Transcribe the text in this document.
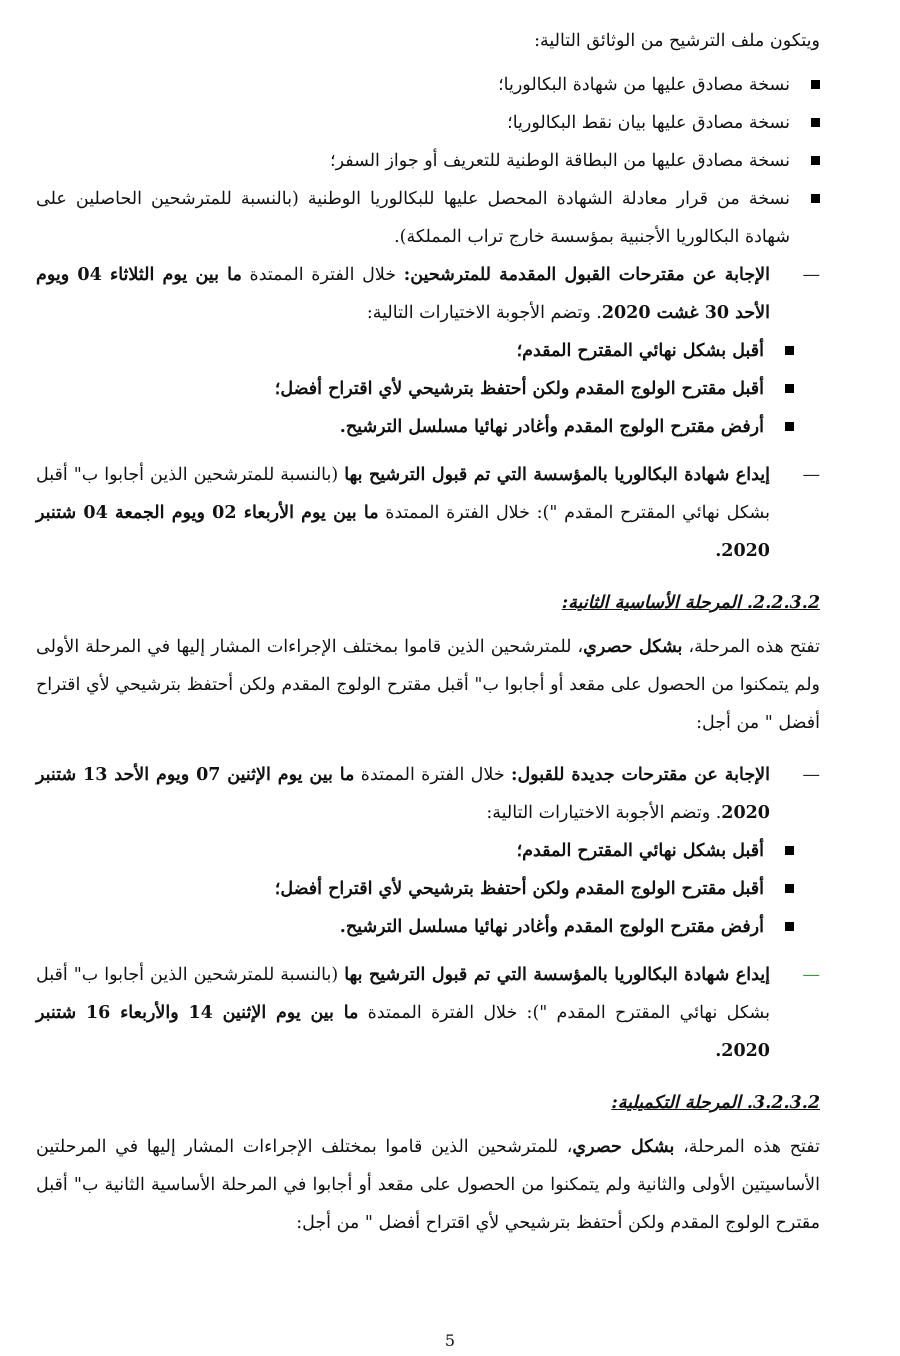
ويتكون ملف الترشيح من الوثائق التالية:

نسخة مصادق عليها من شهادة البكالوريا؛
نسخة مصادق عليها بيان نقط البكالوريا؛
نسخة مصادق عليها من البطاقة الوطنية للتعريف أو جواز السفر؛
نسخة من قرار معادلة الشهادة المحصل عليها للبكالوريا الوطنية (بالنسبة للمترشحين الحاصلين على شهادة البكالوريا الأجنبية بمؤسسة خارج تراب المملكة).

— الإجابة عن مقترحات القبول المقدمة للمترشحين: خلال الفترة الممتدة ما بين يوم الثلاثاء 04 ويوم الأحد 30 غشت 2020. وتضم الأجوبة الاختيارات التالية:

أقبل بشكل نهائي المقترح المقدم؛
أقبل مقترح الولوج المقدم ولكن أحتفظ بترشيحي لأي اقتراح أفضل؛
أرفض مقترح الولوج المقدم وأغادر نهائيا مسلسل الترشيح.

— إيداع شهادة البكالوريا بالمؤسسة التي تم قبول الترشيح بها (بالنسبة للمترشحين الذين أجابوا ب" أقبل بشكل نهائي المقترح المقدم "): خلال الفترة الممتدة ما بين يوم الأربعاء 02 ويوم الجمعة 04 شتنبر 2020.

2.2.3.2. المرحلة الأساسية الثانية:

تفتح هذه المرحلة، بشكل حصري، للمترشحين الذين قاموا بمختلف الإجراءات المشار إليها في المرحلة الأولى ولم يتمكنوا من الحصول على مقعد أو أجابوا ب" أقبل مقترح الولوج المقدم ولكن أحتفظ بترشيحي لأي اقتراح أفضل " من أجل:

— الإجابة عن مقترحات جديدة للقبول: خلال الفترة الممتدة ما بين يوم الإثنين 07 ويوم الأحد 13 شتنبر 2020. وتضم الأجوبة الاختيارات التالية:

أقبل بشكل نهائي المقترح المقدم؛
أقبل مقترح الولوج المقدم ولكن أحتفظ بترشيحي لأي اقتراح أفضل؛
أرفض مقترح الولوج المقدم وأغادر نهائيا مسلسل الترشيح.

— إيداع شهادة البكالوريا بالمؤسسة التي تم قبول الترشيح بها (بالنسبة للمترشحين الذين أجابوا ب" أقبل بشكل نهائي المقترح المقدم "): خلال الفترة الممتدة ما بين يوم الإثنين 14 والأربعاء 16 شتنبر 2020.

3.2.3.2. المرحلة التكميلية:

تفتح هذه المرحلة، بشكل حصري، للمترشحين الذين قاموا بمختلف الإجراءات المشار إليها في المرحلتين الأساسيتين الأولى والثانية ولم يتمكنوا من الحصول على مقعد أو أجابوا في المرحلة الأساسية الثانية ب" أقبل مقترح الولوج المقدم ولكن أحتفظ بترشيحي لأي اقتراح أفضل " من أجل:

5
